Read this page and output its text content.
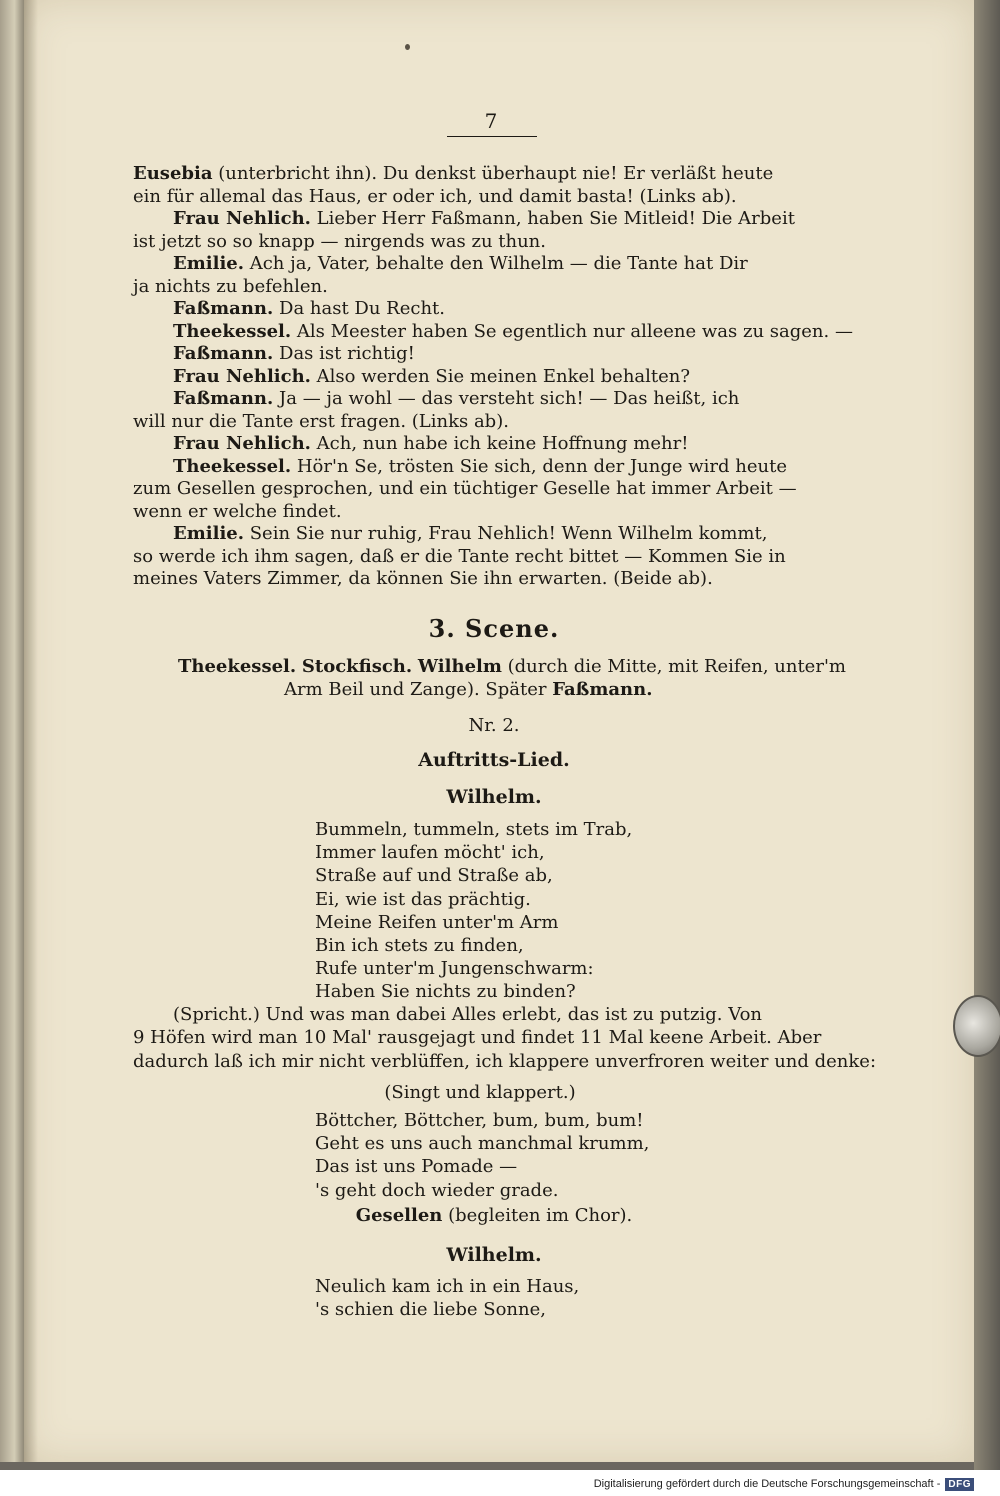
7
Eusebia (unterbricht ihn). Du denkst überhaupt nie! Er verläßt heute
ein für allemal das Haus, er oder ich, und damit basta! (Links ab).
Frau Nehlich. Lieber Herr Faßmann, haben Sie Mitleid! Die Arbeit
ist jetzt so so knapp — nirgends was zu thun.
Emilie. Ach ja, Vater, behalte den Wilhelm — die Tante hat Dir
ja nichts zu befehlen.
Faßmann. Da hast Du Recht.
Theekessel. Als Meester haben Se egentlich nur alleene was zu sagen. —
Faßmann. Das ist richtig!
Frau Nehlich. Also werden Sie meinen Enkel behalten?
Faßmann. Ja — ja wohl — das versteht sich! — Das heißt, ich
will nur die Tante erst fragen. (Links ab).
Frau Nehlich. Ach, nun habe ich keine Hoffnung mehr!
Theekessel. Hör'n Se, trösten Sie sich, denn der Junge wird heute
zum Gesellen gesprochen, und ein tüchtiger Geselle hat immer Arbeit —
wenn er welche findet.
Emilie. Sein Sie nur ruhig, Frau Nehlich! Wenn Wilhelm kommt,
so werde ich ihm sagen, daß er die Tante recht bittet — Kommen Sie in
meines Vaters Zimmer, da können Sie ihn erwarten. (Beide ab).
3. Scene.
Theekessel. Stockfisch. Wilhelm (durch die Mitte, mit Reifen, unter'm
Arm Beil und Zange). Später Faßmann.
Nr. 2.
Auftritts-Lied.
Wilhelm.
Bummeln, tummeln, stets im Trab,
Immer laufen möcht' ich,
Straße auf und Straße ab,
Ei, wie ist das prächtig.
Meine Reifen unter'm Arm
Bin ich stets zu finden,
Rufe unter'm Jungenschwarm:
Haben Sie nichts zu binden?
(Spricht.) Und was man dabei Alles erlebt, das ist zu putzig. Von
9 Höfen wird man 10 Mal' rausgejagt und findet 11 Mal keene Arbeit. Aber
dadurch laß ich mir nicht verblüffen, ich klappere unverfroren weiter und denke:
(Singt und klappert.)
Böttcher, Böttcher, bum, bum, bum!
Geht es uns auch manchmal krumm,
Das ist uns Pomade —
's geht doch wieder grade.
Gesellen (begleiten im Chor).
Wilhelm.
Neulich kam ich in ein Haus,
's schien die liebe Sonne,
Digitalisierung gefördert durch die Deutsche Forschungsgemeinschaft - DFG
